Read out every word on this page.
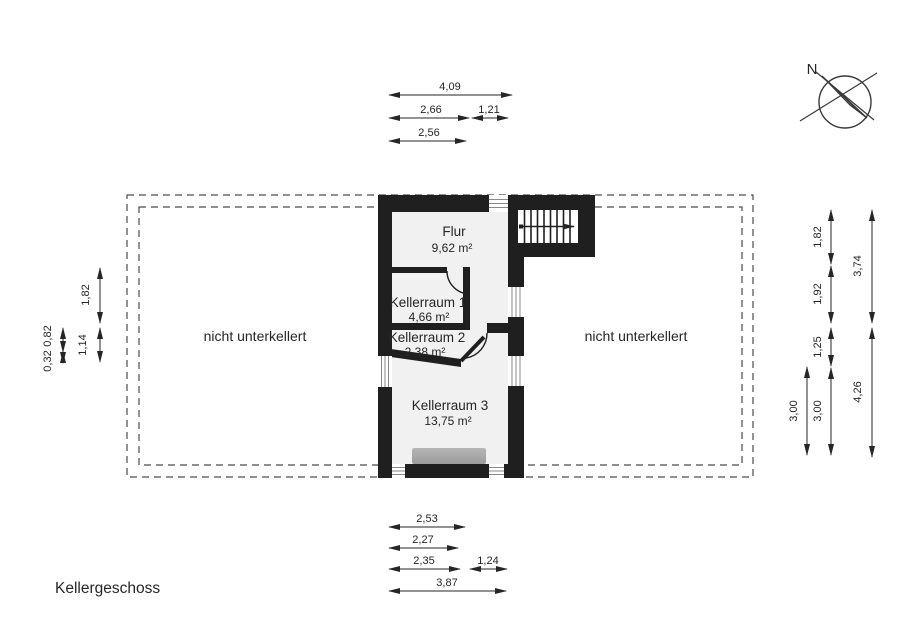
Flur
9,62 m²
Kellerraum 1
4,66 m²
Kellerraum 2
2,38 m²
Kellerraum 3
13,75 m²
nicht unterkellert	nicht unterkellert
4,09
2,66	1,21
2,56
2,53
2,27
2,35	1,24
3,87
1,82
1,14
0,82
0,32
3,00
1,82
1,92
1,25
3,00
3,74
4,26
N
Kellergeschoss
